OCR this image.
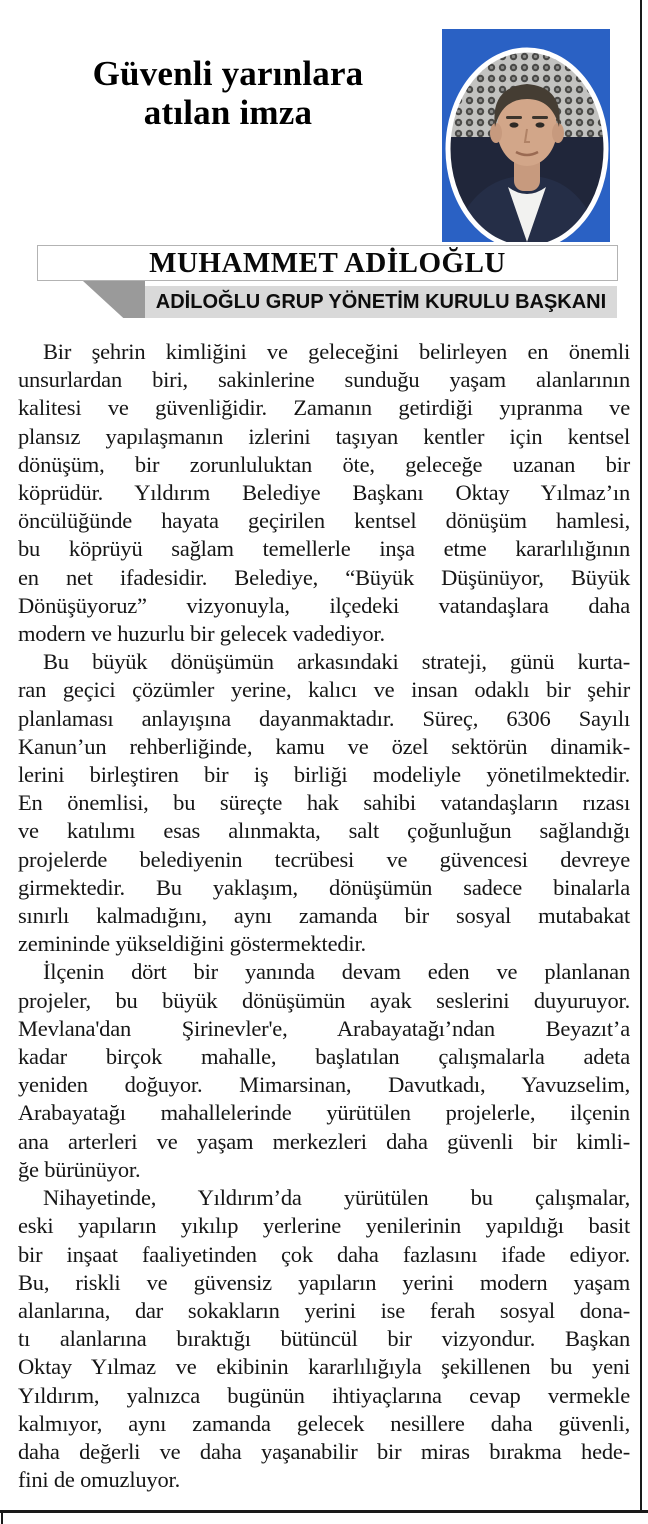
Güvenli yarınlara
atılan imza
MUHAMMET ADİLOĞLU
ADİLOĞLU GRUP YÖNETİM KURULU BAŞKANI
Bir şehrin kimliğini ve geleceğini belirleyen en önemli
unsurlardan biri, sakinlerine sunduğu yaşam alanlarının
kalitesi ve güvenliğidir. Zamanın getirdiği yıpranma ve
plansız yapılaşmanın izlerini taşıyan kentler için kentsel
dönüşüm, bir zorunluluktan öte, geleceğe uzanan bir
köprüdür. Yıldırım Belediye Başkanı Oktay Yılmaz’ın
öncülüğünde hayata geçirilen kentsel dönüşüm hamlesi,
bu köprüyü sağlam temellerle inşa etme kararlılığının
en net ifadesidir. Belediye, “Büyük Düşünüyor, Büyük
Dönüşüyoruz” vizyonuyla, ilçedeki vatandaşlara daha
modern ve huzurlu bir gelecek vadediyor.
Bu büyük dönüşümün arkasındaki strateji, günü kurta-
ran geçici çözümler yerine, kalıcı ve insan odaklı bir şehir
planlaması anlayışına dayanmaktadır. Süreç, 6306 Sayılı
Kanun’un rehberliğinde, kamu ve özel sektörün dinamik-
lerini birleştiren bir iş birliği modeliyle yönetilmektedir.
En önemlisi, bu süreçte hak sahibi vatandaşların rızası
ve katılımı esas alınmakta, salt çoğunluğun sağlandığı
projelerde belediyenin tecrübesi ve güvencesi devreye
girmektedir. Bu yaklaşım, dönüşümün sadece binalarla
sınırlı kalmadığını, aynı zamanda bir sosyal mutabakat
zemininde yükseldiğini göstermektedir.
İlçenin dört bir yanında devam eden ve planlanan
projeler, bu büyük dönüşümün ayak seslerini duyuruyor.
Mevlana'dan Şirinevler'e, Arabayatağı’ndan Beyazıt’a
kadar birçok mahalle, başlatılan çalışmalarla adeta
yeniden doğuyor. Mimarsinan, Davutkadı, Yavuzselim,
Arabayatağı mahallelerinde yürütülen projelerle, ilçenin
ana arterleri ve yaşam merkezleri daha güvenli bir kimli-
ğe bürünüyor.
Nihayetinde, Yıldırım’da yürütülen bu çalışmalar,
eski yapıların yıkılıp yerlerine yenilerinin yapıldığı basit
bir inşaat faaliyetinden çok daha fazlasını ifade ediyor.
Bu, riskli ve güvensiz yapıların yerini modern yaşam
alanlarına, dar sokakların yerini ise ferah sosyal dona-
tı alanlarına bıraktığı bütüncül bir vizyondur. Başkan
Oktay Yılmaz ve ekibinin kararlılığıyla şekillenen bu yeni
Yıldırım, yalnızca bugünün ihtiyaçlarına cevap vermekle
kalmıyor, aynı zamanda gelecek nesillere daha güvenli,
daha değerli ve daha yaşanabilir bir miras bırakma hede-
fini de omuzluyor.
